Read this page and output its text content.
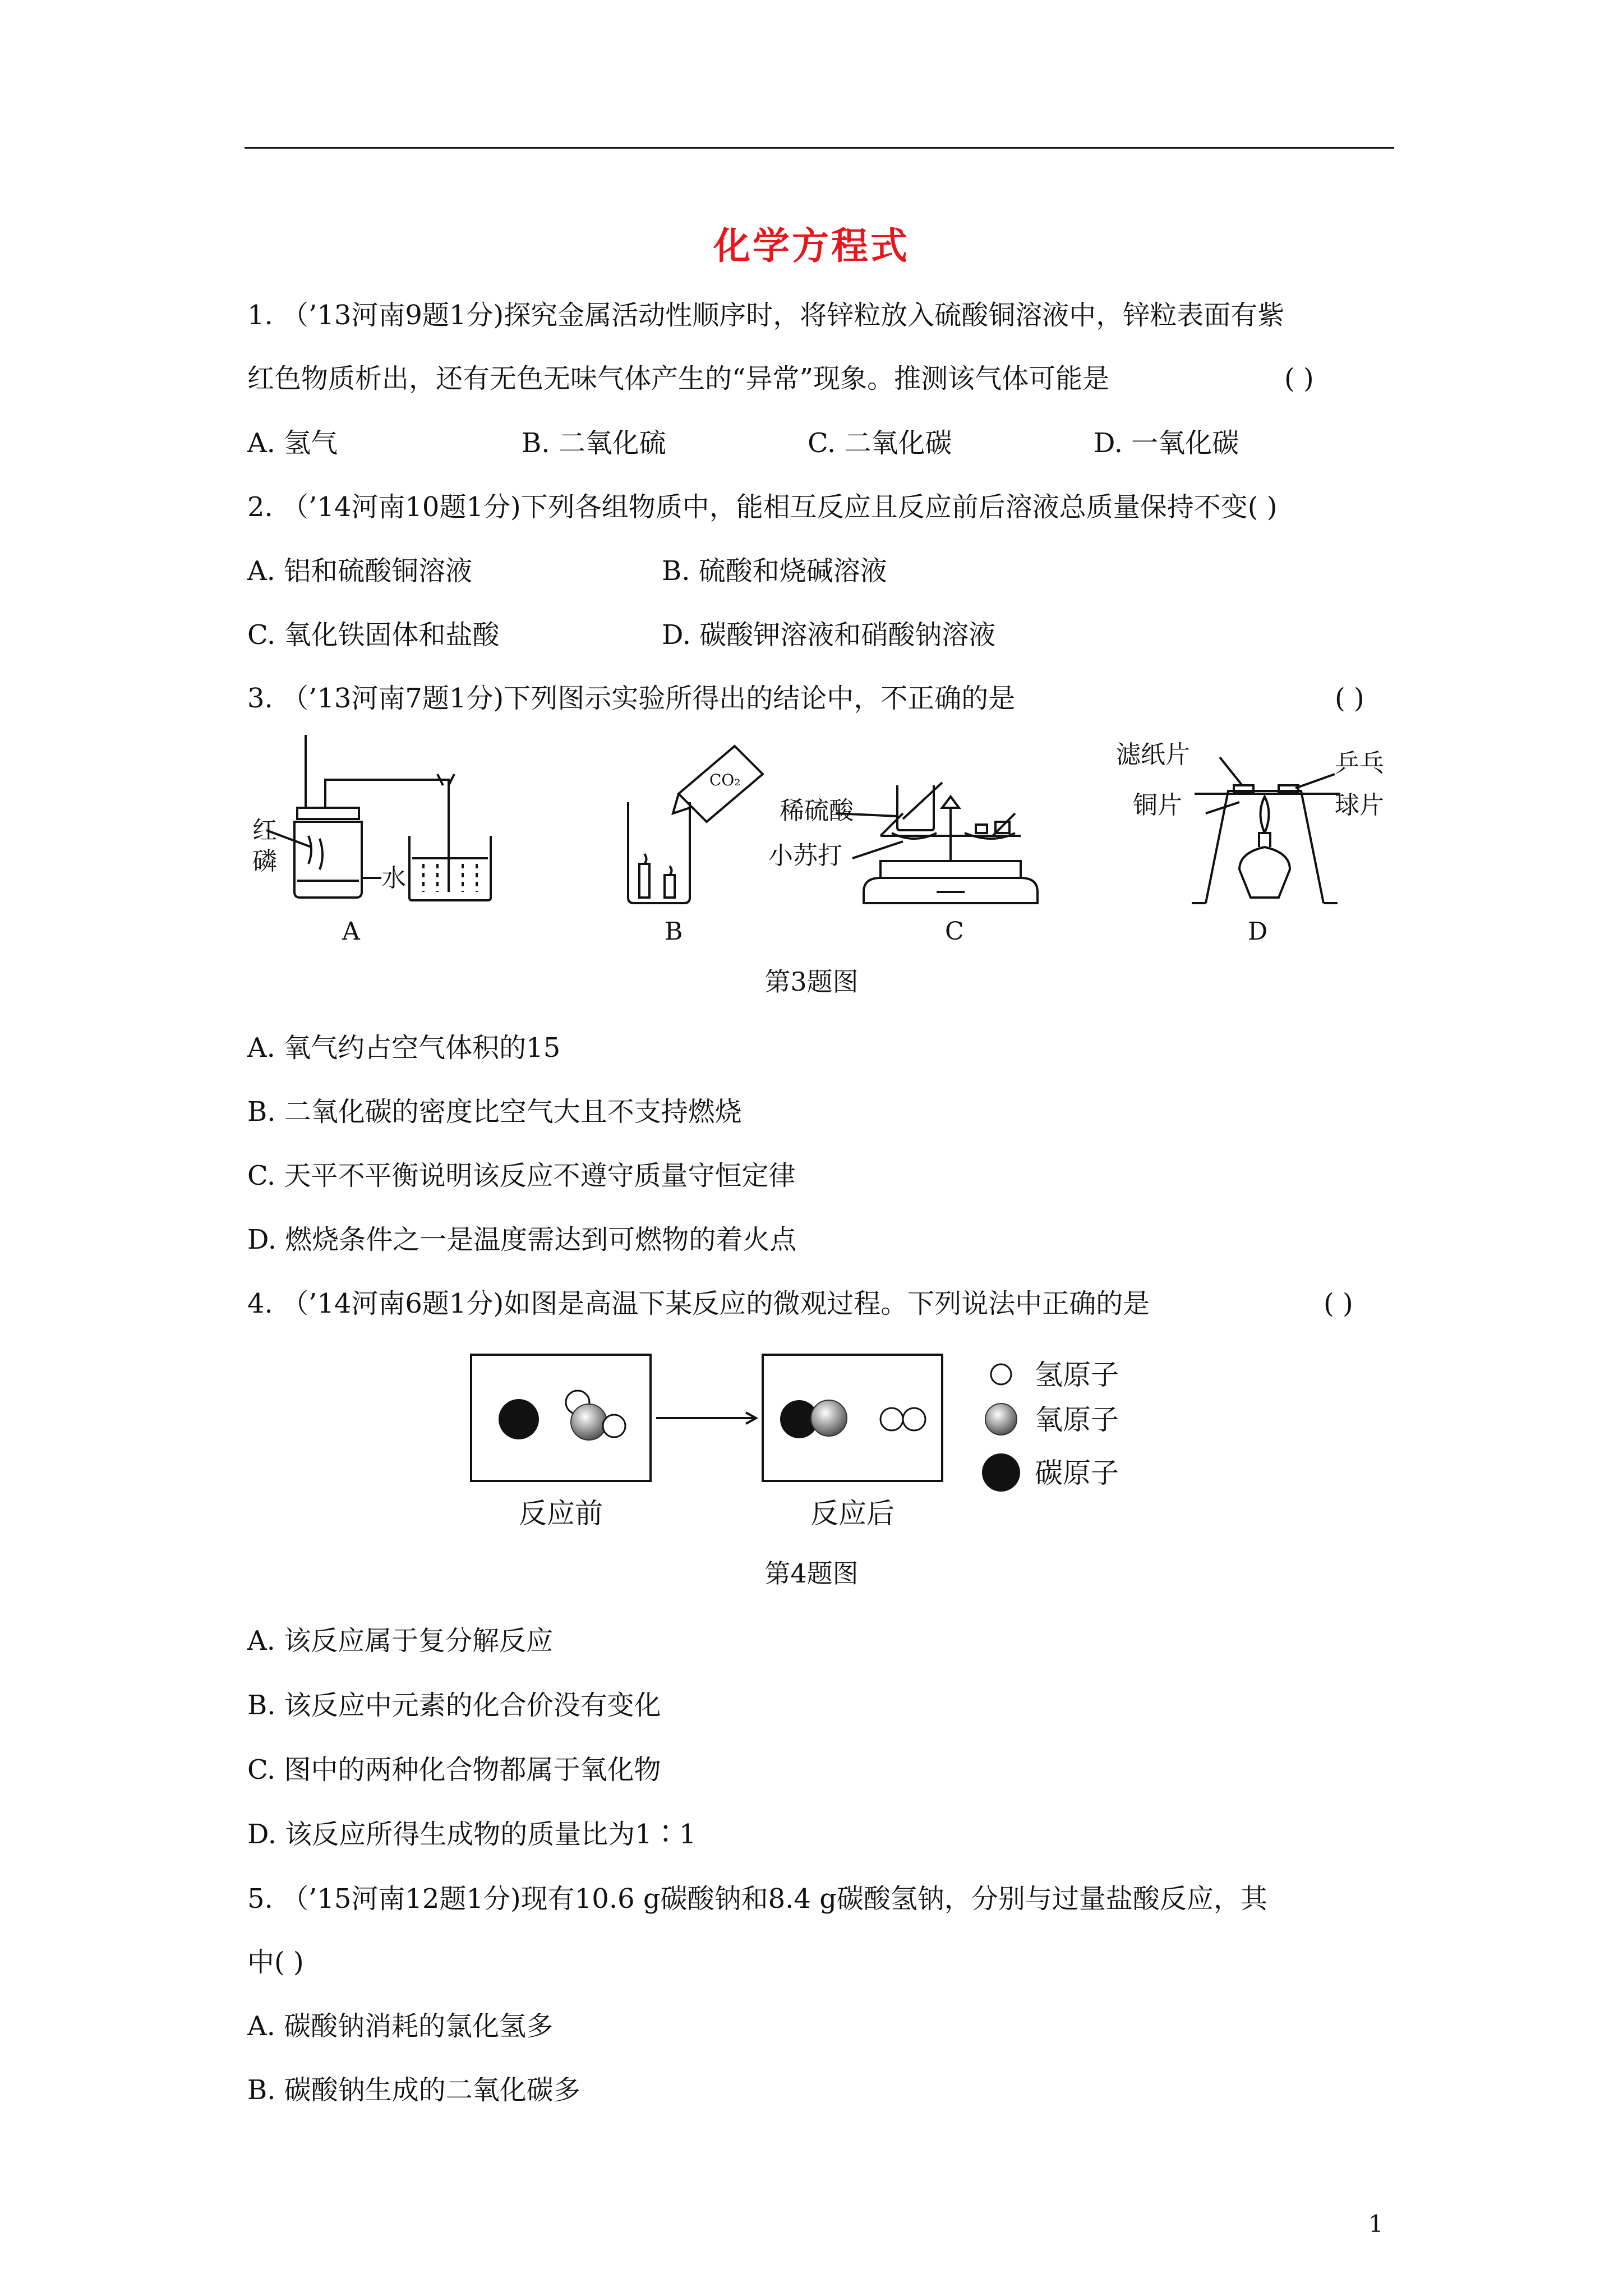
化学方程式
1. （’13河南9题1分)探究金属活动性顺序时，将锌粒放入硫酸铜溶液中，锌粒表面有紫
红色物质析出，还有无色无味气体产生的“异常”现象。推测该气体可能是	( )
A. 氢气	B. 二氧化硫	C. 二氧化碳	D. 一氧化碳
2. （’14河南10题1分)下列各组物质中，能相互反应且反应前后溶液总质量保持不变( )
A. 铝和硫酸铜溶液	B. 硫酸和烧碱溶液
C. 氧化铁固体和盐酸	D. 碳酸钾溶液和硝酸钠溶液
3. （’13河南7题1分)下列图示实验所得出的结论中，不正确的是	( )
红
磷
水
CO₂
稀硫酸
小苏打
滤纸片
铜片
乒乓
球片
A	B	C	D
第3题图
A. 氧气约占空气体积的15
B. 二氧化碳的密度比空气大且不支持燃烧
C. 天平不平衡说明该反应不遵守质量守恒定律
D. 燃烧条件之一是温度需达到可燃物的着火点
4. （’14河南6题1分)如图是高温下某反应的微观过程。下列说法中正确的是	( )
氢原子
氧原子
碳原子
反应前	反应后
第4题图
A. 该反应属于复分解反应
B. 该反应中元素的化合价没有变化
C. 图中的两种化合物都属于氧化物
D. 该反应所得生成物的质量比为1∶1
5. （’15河南12题1分)现有10.6 g碳酸钠和8.4 g碳酸氢钠，分别与过量盐酸反应，其
中( )
A. 碳酸钠消耗的氯化氢多
B. 碳酸钠生成的二氧化碳多
1
